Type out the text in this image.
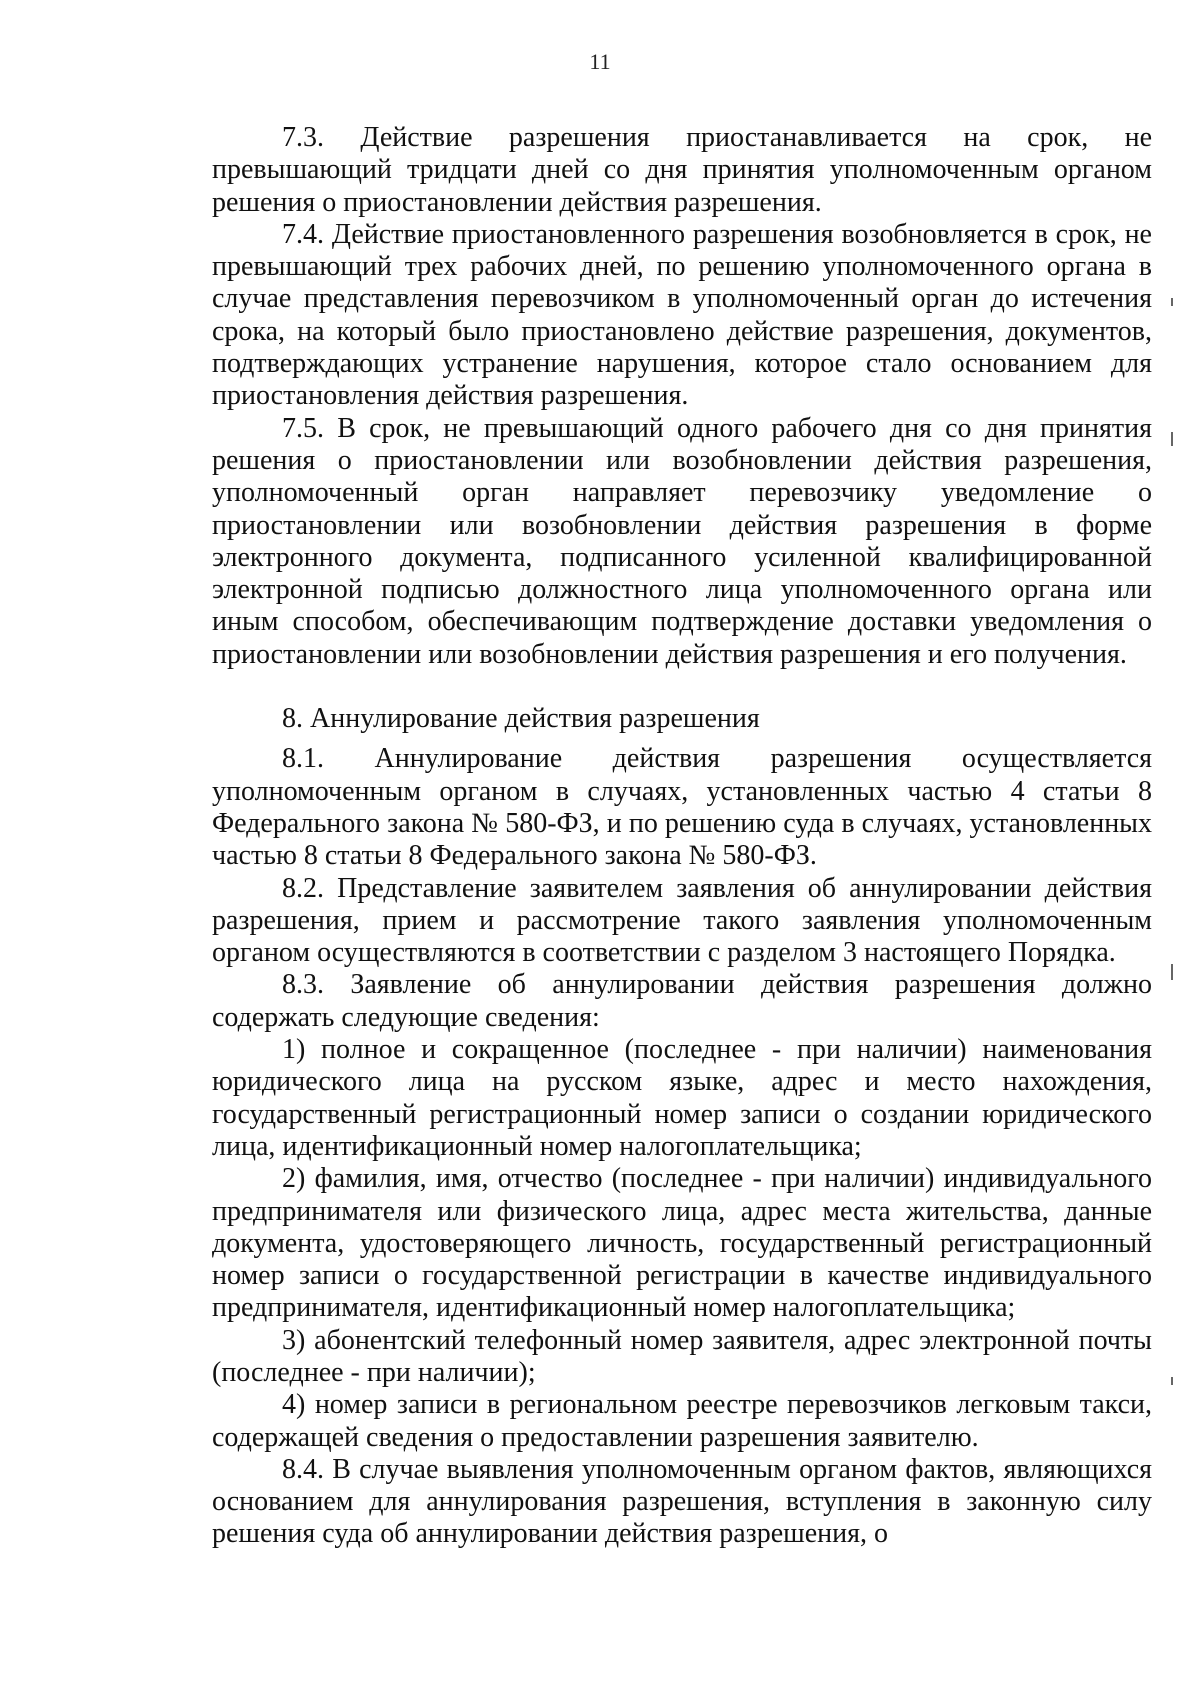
11

7.3. Действие разрешения приостанавливается на срок, не превышающий тридцати дней со дня принятия уполномоченным органом решения о приостановлении действия разрешения.

7.4. Действие приостановленного разрешения возобновляется в срок, не превышающий трех рабочих дней, по решению уполномоченного органа в случае представления перевозчиком в уполномоченный орган до истечения срока, на который было приостановлено действие разрешения, документов, подтверждающих устранение нарушения, которое стало основанием для приостановления действия разрешения.

7.5. В срок, не превышающий одного рабочего дня со дня принятия решения о приостановлении или возобновлении действия разрешения, уполномоченный орган направляет перевозчику уведомление о приостановлении или возобновлении действия разрешения в форме электронного документа, подписанного усиленной квалифицированной электронной подписью должностного лица уполномоченного органа или иным способом, обеспечивающим подтверждение доставки уведомления о приостановлении или возобновлении действия разрешения и его получения.

8. Аннулирование действия разрешения

8.1. Аннулирование действия разрешения осуществляется уполномоченным органом в случаях, установленных частью 4 статьи 8 Федерального закона № 580-ФЗ, и по решению суда в случаях, установленных частью 8 статьи 8 Федерального закона № 580-ФЗ.

8.2. Представление заявителем заявления об аннулировании действия разрешения, прием и рассмотрение такого заявления уполномоченным органом осуществляются в соответствии с разделом 3 настоящего Порядка.

8.3. Заявление об аннулировании действия разрешения должно содержать следующие сведения:

1) полное и сокращенное (последнее - при наличии) наименования юридического лица на русском языке, адрес и место нахождения, государственный регистрационный номер записи о создании юридического лица, идентификационный номер налогоплательщика;

2) фамилия, имя, отчество (последнее - при наличии) индивидуального предпринимателя или физического лица, адрес места жительства, данные документа, удостоверяющего личность, государственный регистрационный номер записи о государственной регистрации в качестве индивидуального предпринимателя, идентификационный номер налогоплательщика;

3) абонентский телефонный номер заявителя, адрес электронной почты (последнее - при наличии);

4) номер записи в региональном реестре перевозчиков легковым такси, содержащей сведения о предоставлении разрешения заявителю.

8.4. В случае выявления уполномоченным органом фактов, являющихся основанием для аннулирования разрешения, вступления в законную силу решения суда об аннулировании действия разрешения, о
